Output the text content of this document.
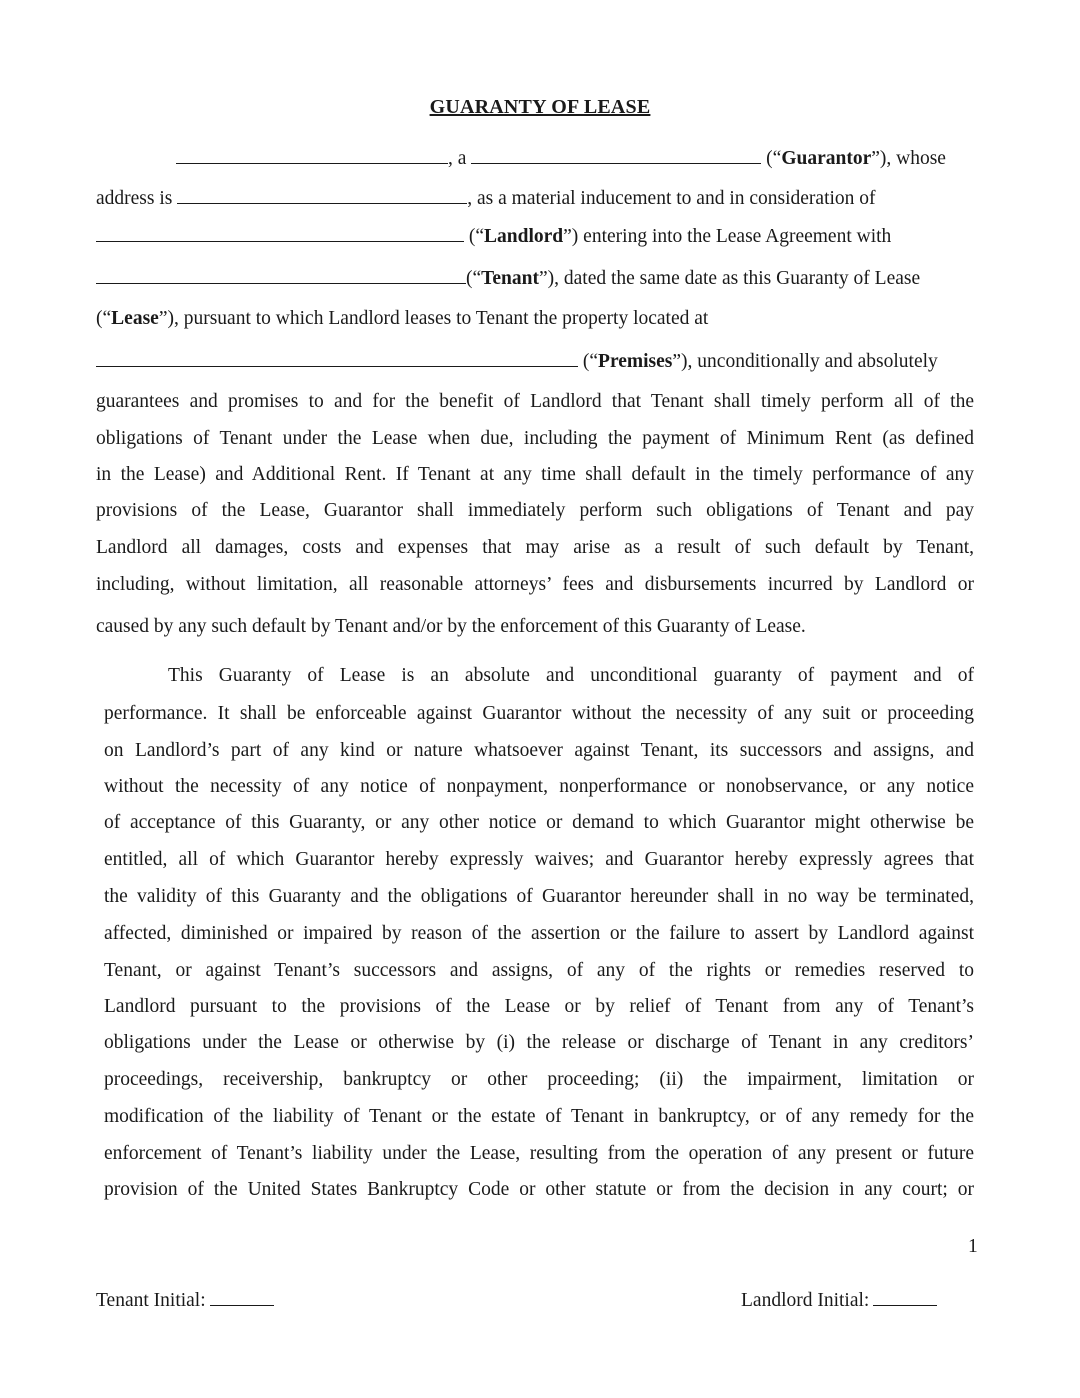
GUARANTY OF LEASE
, a	(“Guarantor”), whose
address is	, as a material inducement to and in consideration of
(“Landlord”) entering into the Lease Agreement with
(“Tenant”), dated the same date as this Guaranty of Lease
(“Lease”), pursuant to which Landlord leases to Tenant the property located at
(“Premises”), unconditionally and absolutely
guarantees and promises to and for the benefit of Landlord that Tenant shall timely perform all of the
obligations of Tenant under the Lease when due, including the payment of Minimum Rent (as defined
in the Lease) and Additional Rent. If Tenant at any time shall default in the timely performance of any
provisions of the Lease, Guarantor shall immediately perform such obligations of Tenant and pay
Landlord all damages, costs and expenses that may arise as a result of such default by Tenant,
including, without limitation, all reasonable attorneys’ fees and disbursements incurred by Landlord or
caused by any such default by Tenant and/or by the enforcement of this Guaranty of Lease.
This Guaranty of Lease is an absolute and unconditional guaranty of payment and of
performance. It shall be enforceable against Guarantor without the necessity of any suit or proceeding
on Landlord’s part of any kind or nature whatsoever against Tenant, its successors and assigns, and
without the necessity of any notice of nonpayment, nonperformance or nonobservance, or any notice
of acceptance of this Guaranty, or any other notice or demand to which Guarantor might otherwise be
entitled, all of which Guarantor hereby expressly waives; and Guarantor hereby expressly agrees that
the validity of this Guaranty and the obligations of Guarantor hereunder shall in no way be terminated,
affected, diminished or impaired by reason of the assertion or the failure to assert by Landlord against
Tenant, or against Tenant’s successors and assigns, of any of the rights or remedies reserved to
Landlord pursuant to the provisions of the Lease or by relief of Tenant from any of Tenant’s
obligations under the Lease or otherwise by (i) the release or discharge of Tenant in any creditors’
proceedings, receivership, bankruptcy or other proceeding; (ii) the impairment, limitation or
modification of the liability of Tenant or the estate of Tenant in bankruptcy, or of any remedy for the
enforcement of Tenant’s liability under the Lease, resulting from the operation of any present or future
provision of the United States Bankruptcy Code or other statute or from the decision in any court; or
1
Tenant Initial:	Landlord Initial:
